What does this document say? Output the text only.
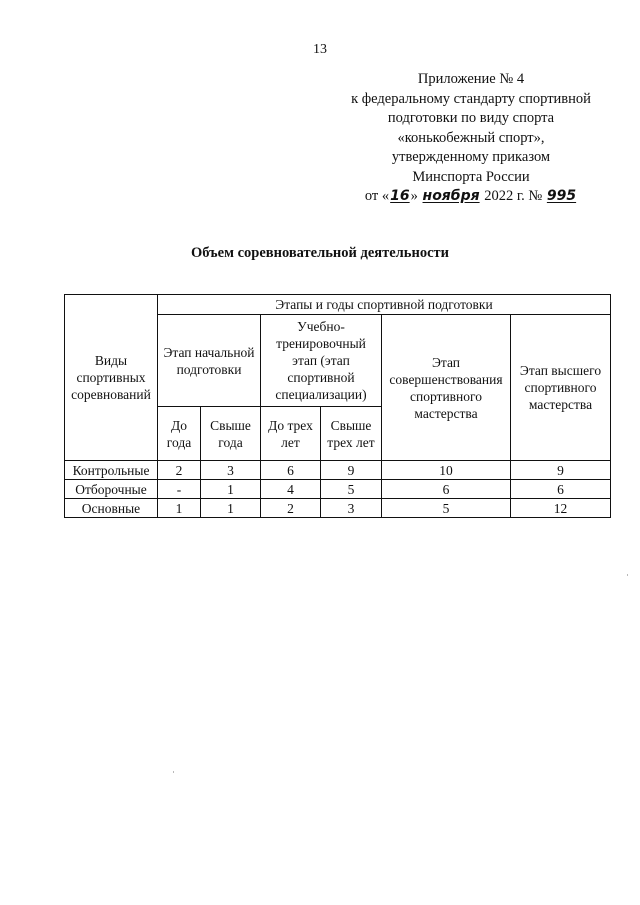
13
Приложение № 4
к федеральному стандарту спортивной
подготовки по виду спорта
«конькобежный спорт»,
утвержденному приказом
Минспорта России
от «16» ноября 2022 г. № 995
Объем соревновательной деятельности
Виды спортивных соревнований	Этапы и годы спортивной подготовки					
	Этап начальной подготовки		Учебно-тренировочный этап (этап спортивной специализации)		Этап совершенствования спортивного мастерства	Этап высшего спортивного мастерства
	До года	Свыше года	До трех лет	Свыше трех лет		
Контрольные	2	3	6	9	10	9
Отборочные	-	1	4	5	6	6
Основные	1	1	2	3	5	12
